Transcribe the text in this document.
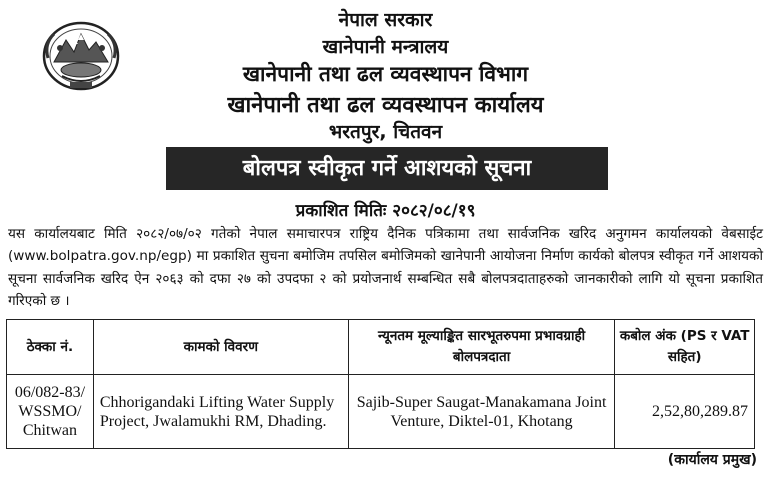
नेपाल सरकार
खानेपानी मन्त्रालय
खानेपानी तथा ढल व्यवस्थापन विभाग
खानेपानी तथा ढल व्यवस्थापन कार्यालय
भरतपुर, चितवन
बोलपत्र स्वीकृत गर्ने आशयको सूचना
प्रकाशित मितिः २०८२/०८/१९
यस कार्यालयबाट मिति २०८२/०७/०२ गतेको नेपाल समाचारपत्र राष्ट्रिय दैनिक पत्रिकामा तथा सार्वजनिक खरिद अनुगमन कार्यालयको वेबसाईट (www.bolpatra.gov.np/egp) मा प्रकाशित सुचना बमोजिम तपसिल बमोजिमको खानेपानी आयोजना निर्माण कार्यको बोलपत्र स्वीकृत गर्ने आशयको सूचना सार्वजनिक खरिद ऐन २०६३ को दफा २७ को उपदफा २ को प्रयोजनार्थ सम्बन्धित सबै बोलपत्रदाताहरुको जानकारीको लागि यो सूचना प्रकाशित गरिएको छ ।
ठेक्का नं.	कामको विवरण	न्यूनतम मूल्याङ्कित सारभूतरुपमा प्रभावग्राही बोलपत्रदाता	कबोल अंक (PS र VAT सहित)
06/082-83/ WSSMO/ Chitwan	Chhorigandaki Lifting Water Supply Project, Jwalamukhi RM, Dhading.	Sajib-Super Saugat-Manakamana Joint Venture, Diktel-01, Khotang	2,52,80,289.87
(कार्यालय प्रमुख)
